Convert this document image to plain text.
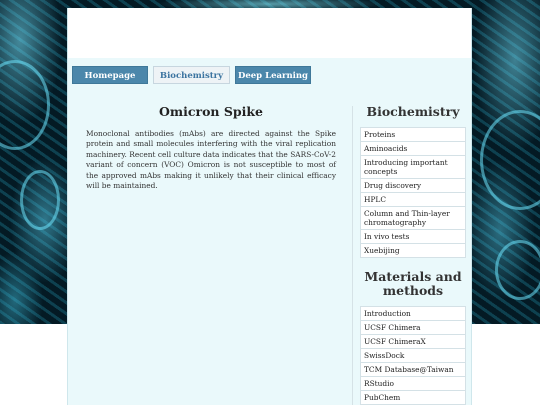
Homepage	Biochemistry	Deep Learning
Omicron Spike

Monoclonal antibodies (mAbs) are directed against the Spike protein and small molecules interfering with the viral replication machinery. Recent cell culture data indicates that the SARS-CoV-2 variant of concern (VOC) Omicron is not susceptible to most of the approved mAbs making it unlikely that their clinical efficacy will be maintained.

Biochemistry
Proteins
Aminoacids
Introducing important concepts
Drug discovery
HPLC
Column and Thin-layer chromatography
In vivo tests
Xuebijing
Materials and methods
Introduction
UCSF Chimera
UCSF ChimeraX
SwissDock
TCM Database@Taiwan
RStudio
PubChem
